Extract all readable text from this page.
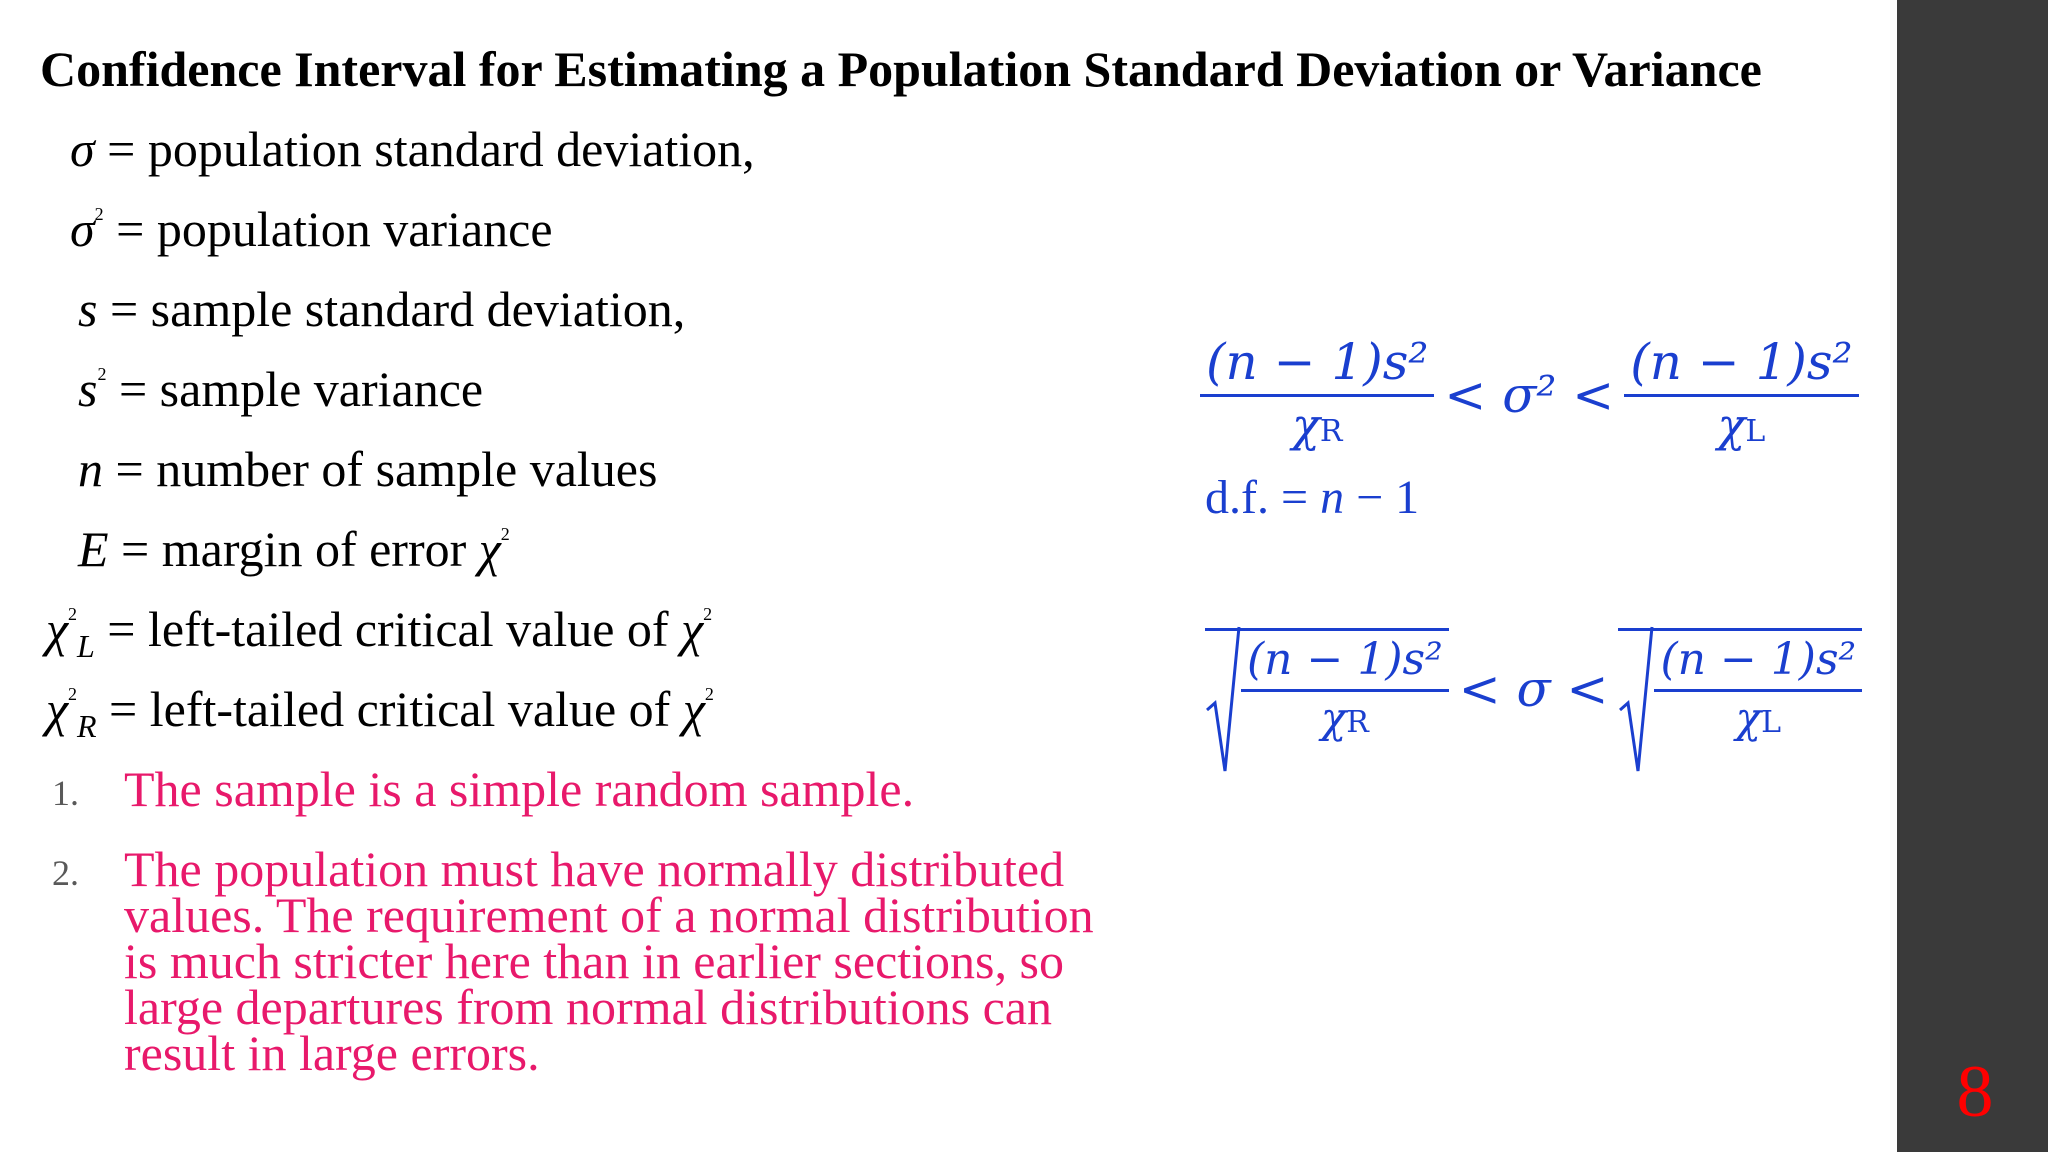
Confidence Interval for Estimating a Population Standard Deviation or Variance
σ = population standard deviation,
$\sigma^2$ = population variance
s = sample standard deviation,
$s^2$ = sample variance
n = number of sample values
E = margin of error $\chi^2$
$\chi^2_L$ = left-tailed critical value of $\chi^2$
$\chi^2_R$ = left-tailed critical value of $\chi^2$
1. The sample is a simple random sample.
2. The population must have normally distributed
values. The requirement of a normal distribution
is much stricter here than in earlier sections, so
large departures from normal distributions can
result in large errors.
$\frac{\text{(n − 1)s²}}{\chi R} < \sigma^2 < \frac{\text{(n − 1)s²}}{\chi L}$
d.f. = n − 1
$\frac{\text{(n − 1)s²}}{\chi R} < \sigma < \frac{\text{(n − 1)s²}}{\chi L}$
8
